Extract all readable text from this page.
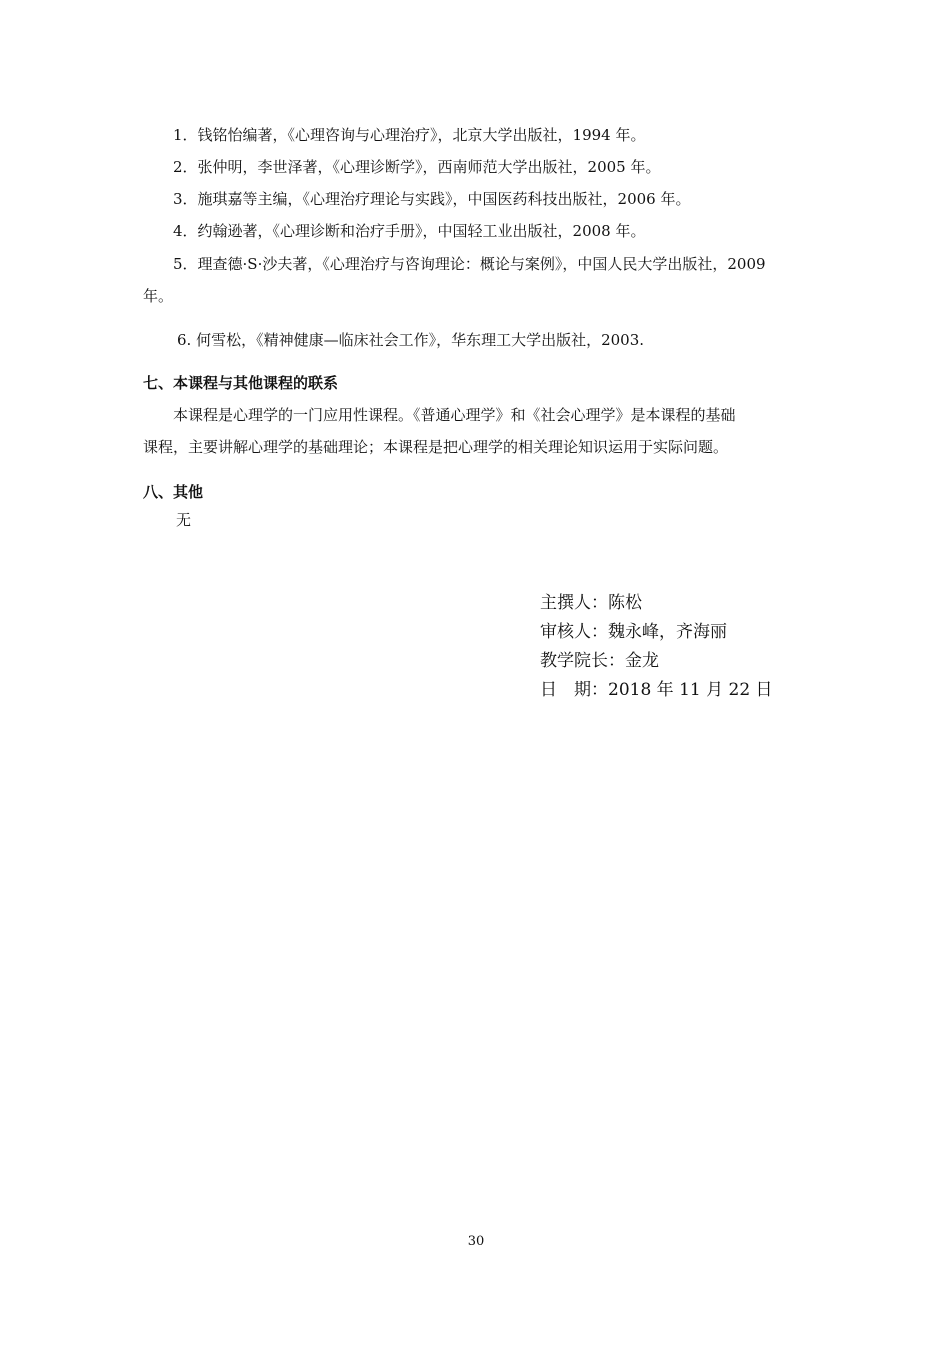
1．钱铭怡编著，《心理咨询与心理治疗》，北京大学出版社，1994 年。
2．张仲明，李世泽著，《心理诊断学》，西南师范大学出版社，2005 年。
3．施琪嘉等主编，《心理治疗理论与实践》，中国医药科技出版社，2006 年。
4．约翰逊著，《心理诊断和治疗手册》，中国轻工业出版社，2008 年。
5．理查德·S·沙夫著，《心理治疗与咨询理论：概论与案例》，中国人民大学出版社，2009
年。
6. 何雪松，《精神健康—临床社会工作》，华东理工大学出版社，2003.
七、本课程与其他课程的联系
本课程是心理学的一门应用性课程。《普通心理学》和《社会心理学》是本课程的基础
课程，主要讲解心理学的基础理论；本课程是把心理学的相关理论知识运用于实际问题。
八、其他
无
主撰人：陈松
审核人：魏永峰，齐海丽
教学院长：金龙
日　期：2018 年 11 月 22 日
30
